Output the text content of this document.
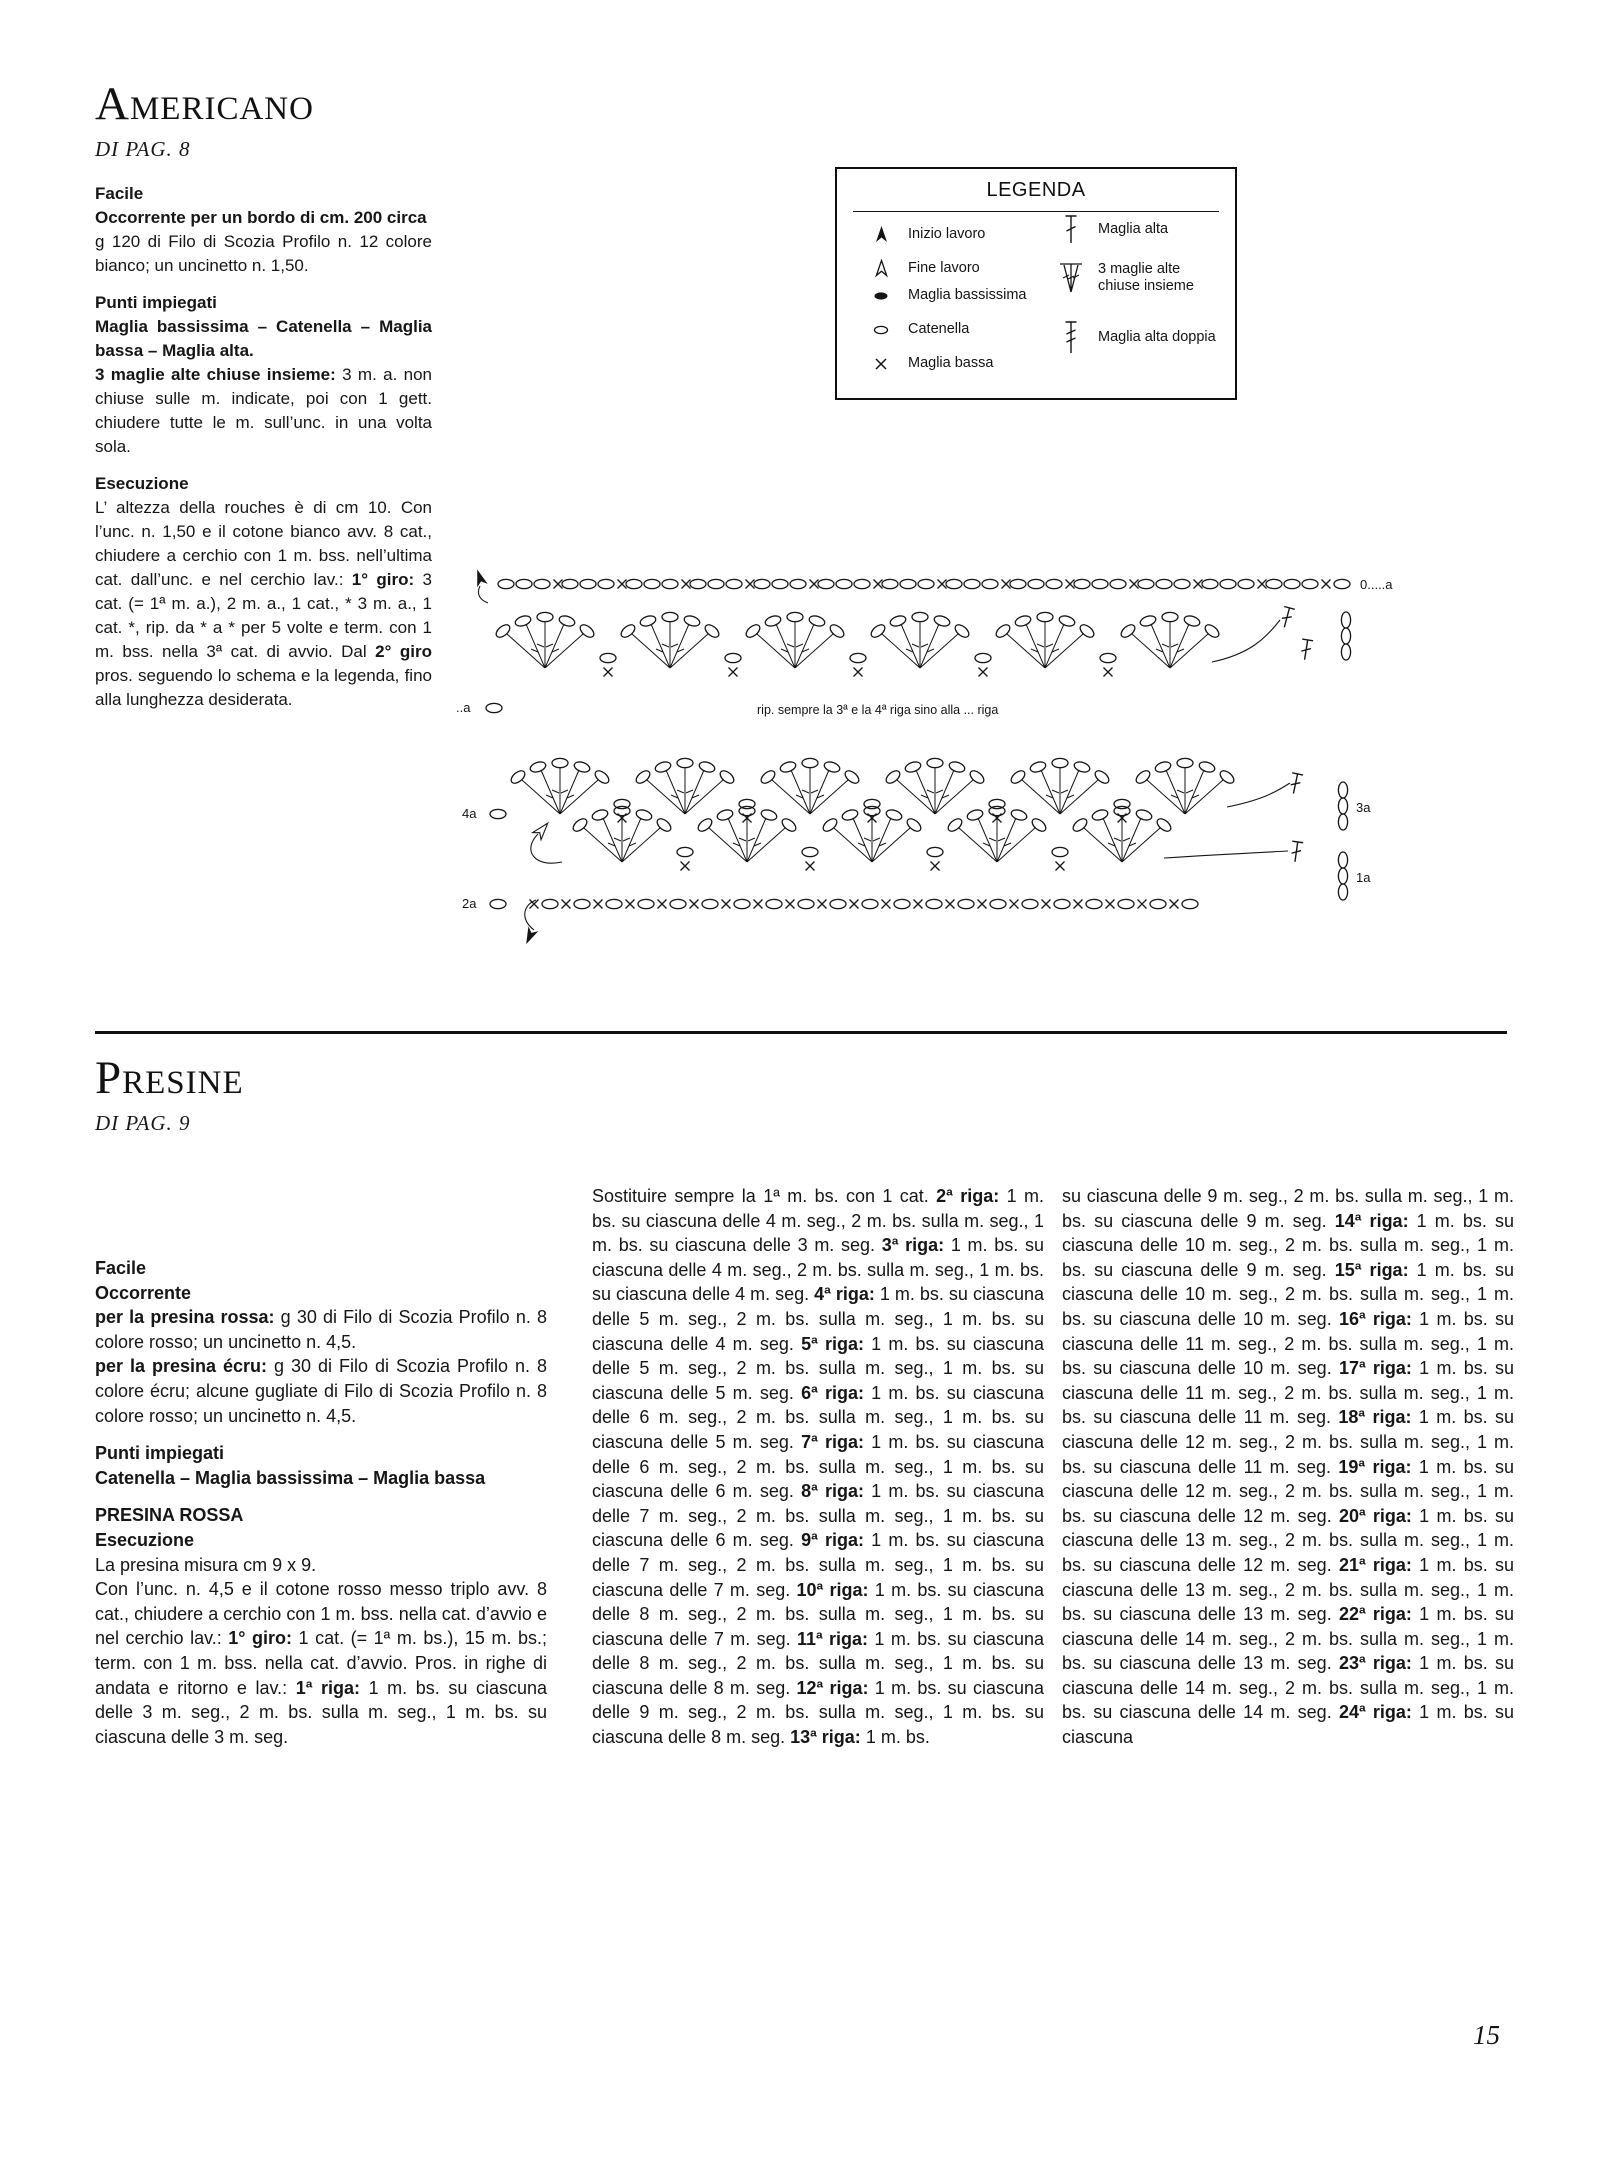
Americano
DI PAG. 8

Facile

Occorrente per un bordo di cm. 200 circa

g 120 di Filo di Scozia Profilo n. 12 colore bianco; un uncinetto n. 1,50.

Punti impiegati

Maglia bassissima – Catenella – Maglia bassa – Maglia alta.

3 maglie alte chiuse insieme: 3 m. a. non chiuse sulle m. indicate, poi con 1 gett. chiudere tutte le m. sull’unc. in una volta sola.

Esecuzione

L’ altezza della rouches è di cm 10. Con l’unc. n. 1,50 e il cotone bianco avv. 8 cat., chiudere a cerchio con 1 m. bss. nell’ultima cat. dall’unc. e nel cerchio lav.: 1° giro: 3 cat. (= 1ª m. a.), 2 m. a., 1 cat., * 3 m. a., 1 cat. *, rip. da * a * per 5 volte e term. con 1 m. bss. nella 3ª cat. di avvio. Dal 2° giro pros. seguendo lo schema e la legenda, fino alla lunghezza desiderata.

LEGENDA
Inizio lavoro
Fine lavoro
Maglia bassissima
Catenella
Maglia bassa
Maglia alta
3 maglie alte chiuse insieme
Maglia alta doppia
0.....a
..a	rip. sempre la 3ª e la 4ª riga sino alla ... riga
4a	3a
1a
2a
Presine
DI PAG. 9

Facile

Occorrente

per la presina rossa: g 30 di Filo di Scozia Profilo n. 8 colore rosso; un uncinetto n. 4,5.

per la presina écru: g 30 di Filo di Scozia Profilo n. 8 colore écru; alcune gugliate di Filo di Scozia Profilo n. 8 colore rosso; un uncinetto n. 4,5.

Punti impiegati

Catenella – Maglia bassissima – Maglia bassa

PRESINA ROSSA

Esecuzione

La presina misura cm 9 x 9.

Con l’unc. n. 4,5 e il cotone rosso messo triplo avv. 8 cat., chiudere a cerchio con 1 m. bss. nella cat. d’avvio e nel cerchio lav.: 1° giro: 1 cat. (= 1ª m. bs.), 15 m. bs.; term. con 1 m. bss. nella cat. d’avvio. Pros. in righe di andata e ritorno e lav.: 1ª riga: 1 m. bs. su ciascuna delle 3 m. seg., 2 m. bs. sulla m. seg., 1 m. bs. su ciascuna delle 3 m. seg.

Sostituire sempre la 1ª m. bs. con 1 cat. 2ª riga: 1 m. bs. su ciascuna delle 4 m. seg., 2 m. bs. sulla m. seg., 1 m. bs. su ciascuna delle 3 m. seg. 3ª riga: 1 m. bs. su ciascuna delle 4 m. seg., 2 m. bs. sulla m. seg., 1 m. bs. su ciascuna delle 4 m. seg. 4ª riga: 1 m. bs. su ciascuna delle 5 m. seg., 2 m. bs. sulla m. seg., 1 m. bs. su ciascuna delle 4 m. seg. 5ª riga: 1 m. bs. su ciascuna delle 5 m. seg., 2 m. bs. sulla m. seg., 1 m. bs. su ciascuna delle 5 m. seg. 6ª riga: 1 m. bs. su ciascuna delle 6 m. seg., 2 m. bs. sulla m. seg., 1 m. bs. su ciascuna delle 5 m. seg. 7ª riga: 1 m. bs. su ciascuna delle 6 m. seg., 2 m. bs. sulla m. seg., 1 m. bs. su ciascuna delle 6 m. seg. 8ª riga: 1 m. bs. su ciascuna delle 7 m. seg., 2 m. bs. sulla m. seg., 1 m. bs. su ciascuna delle 6 m. seg. 9ª riga: 1 m. bs. su ciascuna delle 7 m. seg., 2 m. bs. sulla m. seg., 1 m. bs. su ciascuna delle 7 m. seg. 10ª riga: 1 m. bs. su ciascuna delle 8 m. seg., 2 m. bs. sulla m. seg., 1 m. bs. su ciascuna delle 7 m. seg. 11ª riga: 1 m. bs. su ciascuna delle 8 m. seg., 2 m. bs. sulla m. seg., 1 m. bs. su ciascuna delle 8 m. seg. 12ª riga: 1 m. bs. su ciascuna delle 9 m. seg., 2 m. bs. sulla m. seg., 1 m. bs. su ciascuna delle 8 m. seg. 13ª riga: 1 m. bs.

su ciascuna delle 9 m. seg., 2 m. bs. sulla m. seg., 1 m. bs. su ciascuna delle 9 m. seg. 14ª riga: 1 m. bs. su ciascuna delle 10 m. seg., 2 m. bs. sulla m. seg., 1 m. bs. su ciascuna delle 9 m. seg. 15ª riga: 1 m. bs. su ciascuna delle 10 m. seg., 2 m. bs. sulla m. seg., 1 m. bs. su ciascuna delle 10 m. seg. 16ª riga: 1 m. bs. su ciascuna delle 11 m. seg., 2 m. bs. sulla m. seg., 1 m. bs. su ciascuna delle 10 m. seg. 17ª riga: 1 m. bs. su ciascuna delle 11 m. seg., 2 m. bs. sulla m. seg., 1 m. bs. su ciascuna delle 11 m. seg. 18ª riga: 1 m. bs. su ciascuna delle 12 m. seg., 2 m. bs. sulla m. seg., 1 m. bs. su ciascuna delle 11 m. seg. 19ª riga: 1 m. bs. su ciascuna delle 12 m. seg., 2 m. bs. sulla m. seg., 1 m. bs. su ciascuna delle 12 m. seg. 20ª riga: 1 m. bs. su ciascuna delle 13 m. seg., 2 m. bs. sulla m. seg., 1 m. bs. su ciascuna delle 12 m. seg. 21ª riga: 1 m. bs. su ciascuna delle 13 m. seg., 2 m. bs. sulla m. seg., 1 m. bs. su ciascuna delle 13 m. seg. 22ª riga: 1 m. bs. su ciascuna delle 14 m. seg., 2 m. bs. sulla m. seg., 1 m. bs. su ciascuna delle 13 m. seg. 23ª riga: 1 m. bs. su ciascuna delle 14 m. seg., 2 m. bs. sulla m. seg., 1 m. bs. su ciascuna delle 14 m. seg. 24ª riga: 1 m. bs. su ciascuna

15
